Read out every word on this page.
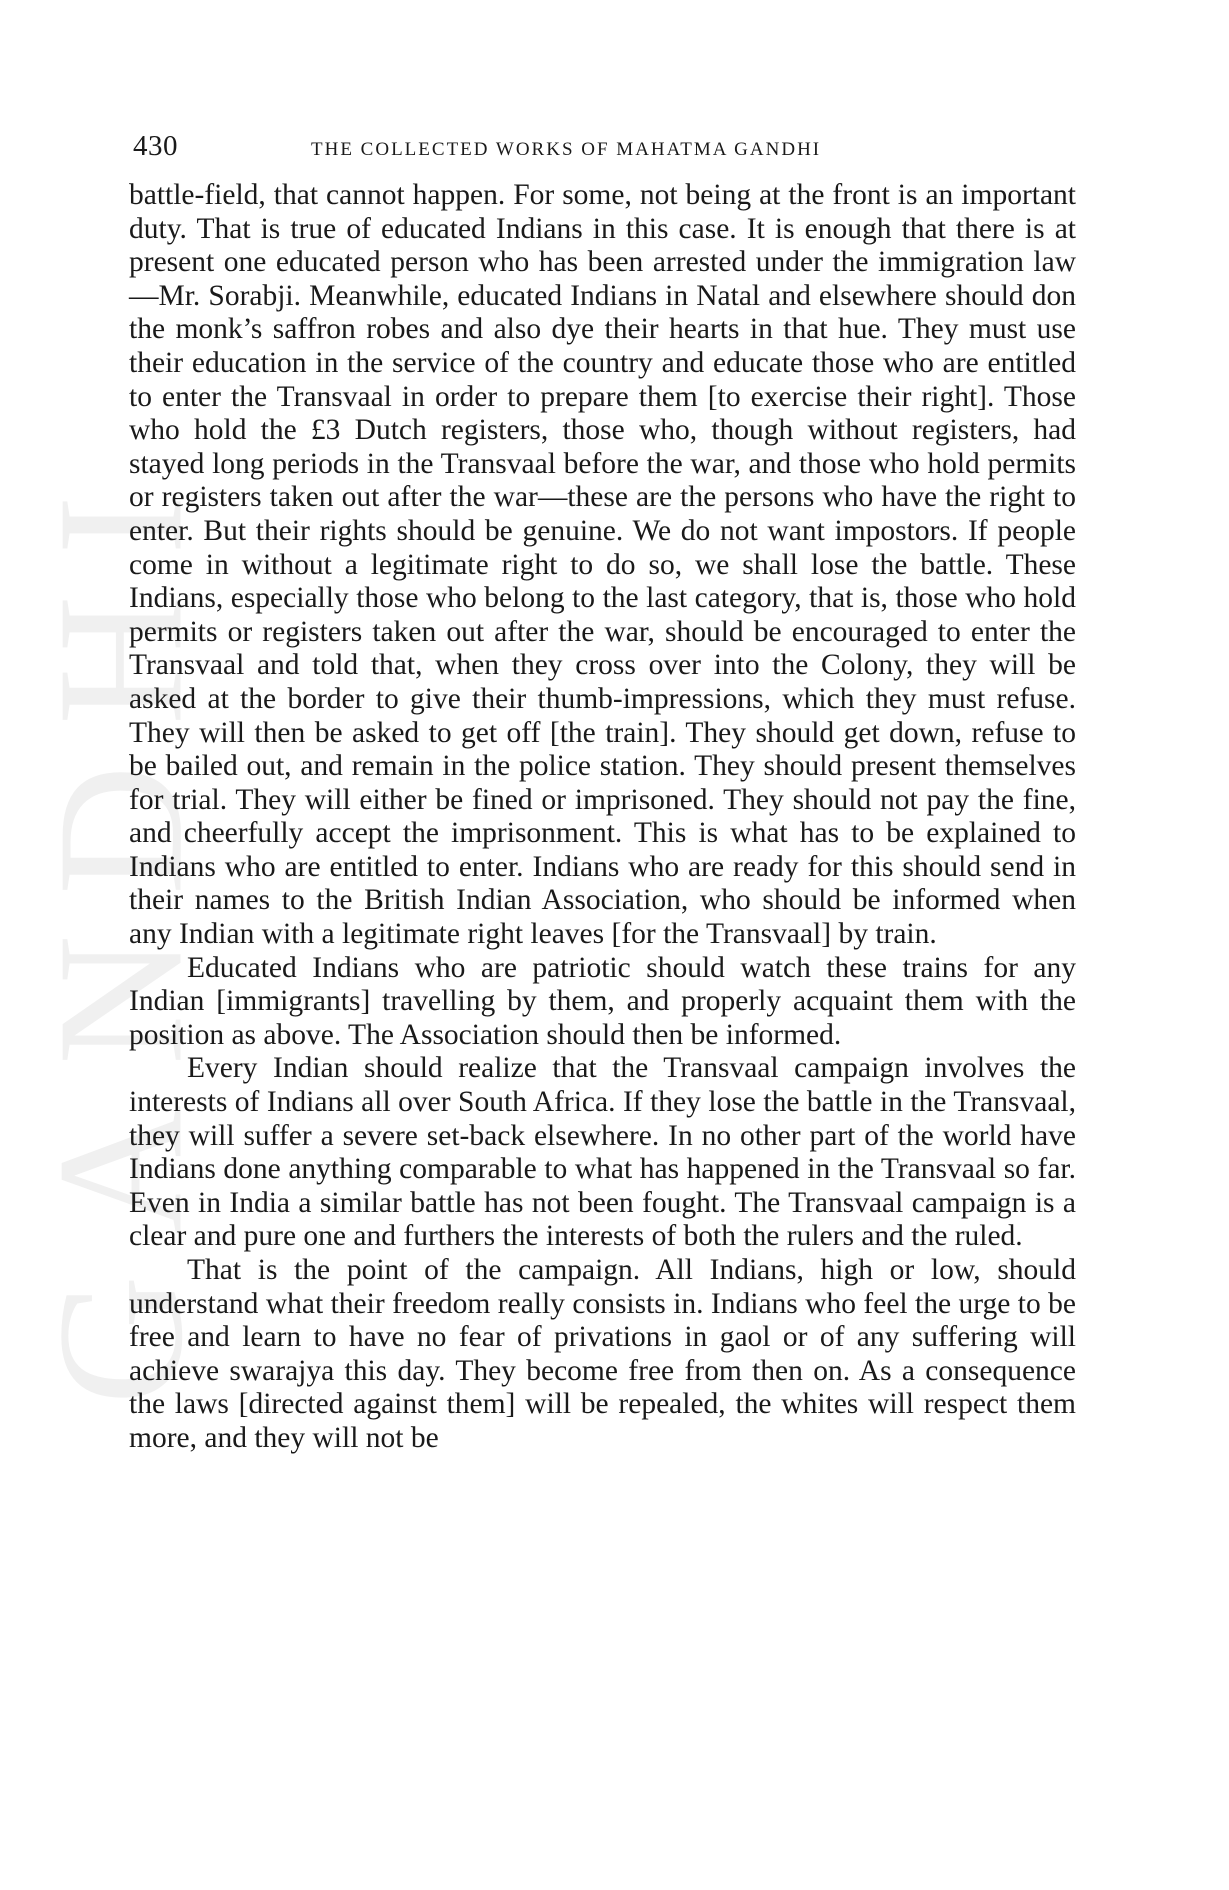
GANDHI
430	THE COLLECTED WORKS OF MAHATMA GANDHI

battle-field, that cannot happen. For some, not being at the front is an important duty. That is true of educated Indians in this case. It is enough that there is at present one educated person who has been arrested under the immigration law—Mr. Sorabji. Meanwhile, educated Indians in Natal and elsewhere should don the monk’s saffron robes and also dye their hearts in that hue. They must use their education in the service of the country and educate those who are entitled to enter the Transvaal in order to prepare them [to exercise their right]. Those who hold the £3 Dutch registers, those who, though without registers, had stayed long periods in the Transvaal before the war, and those who hold permits or registers taken out after the war—these are the persons who have the right to enter. But their rights should be genuine. We do not want impostors. If people come in without a legitimate right to do so, we shall lose the battle. These Indians, especially those who belong to the last category, that is, those who hold permits or registers taken out after the war, should be encouraged to enter the Transvaal and told that, when they cross over into the Colony, they will be asked at the border to give their thumb-impressions, which they must refuse. They will then be asked to get off [the train]. They should get down, refuse to be bailed out, and remain in the police station. They should present themselves for trial. They will either be fined or imprisoned. They should not pay the fine, and cheerfully accept the imprisonment. This is what has to be explained to Indians who are entitled to enter. Indians who are ready for this should send in their names to the British Indian Association, who should be informed when any Indian with a legitimate right leaves [for the Transvaal] by train.

Educated Indians who are patriotic should watch these trains for any Indian [immigrants] travelling by them, and properly acquaint them with the position as above. The Association should then be informed.

Every Indian should realize that the Transvaal campaign involves the interests of Indians all over South Africa. If they lose the battle in the Transvaal, they will suffer a severe set-back elsewhere. In no other part of the world have Indians done anything comparable to what has happened in the Transvaal so far. Even in India a similar battle has not been fought. The Transvaal campaign is a clear and pure one and furthers the interests of both the rulers and the ruled.

That is the point of the campaign. All Indians, high or low, should understand what their freedom really consists in. Indians who feel the urge to be free and learn to have no fear of privations in gaol or of any suffering will achieve swarajya this day. They become free from then on. As a consequence the laws [directed against them] will be repealed, the whites will respect them more, and they will not be
